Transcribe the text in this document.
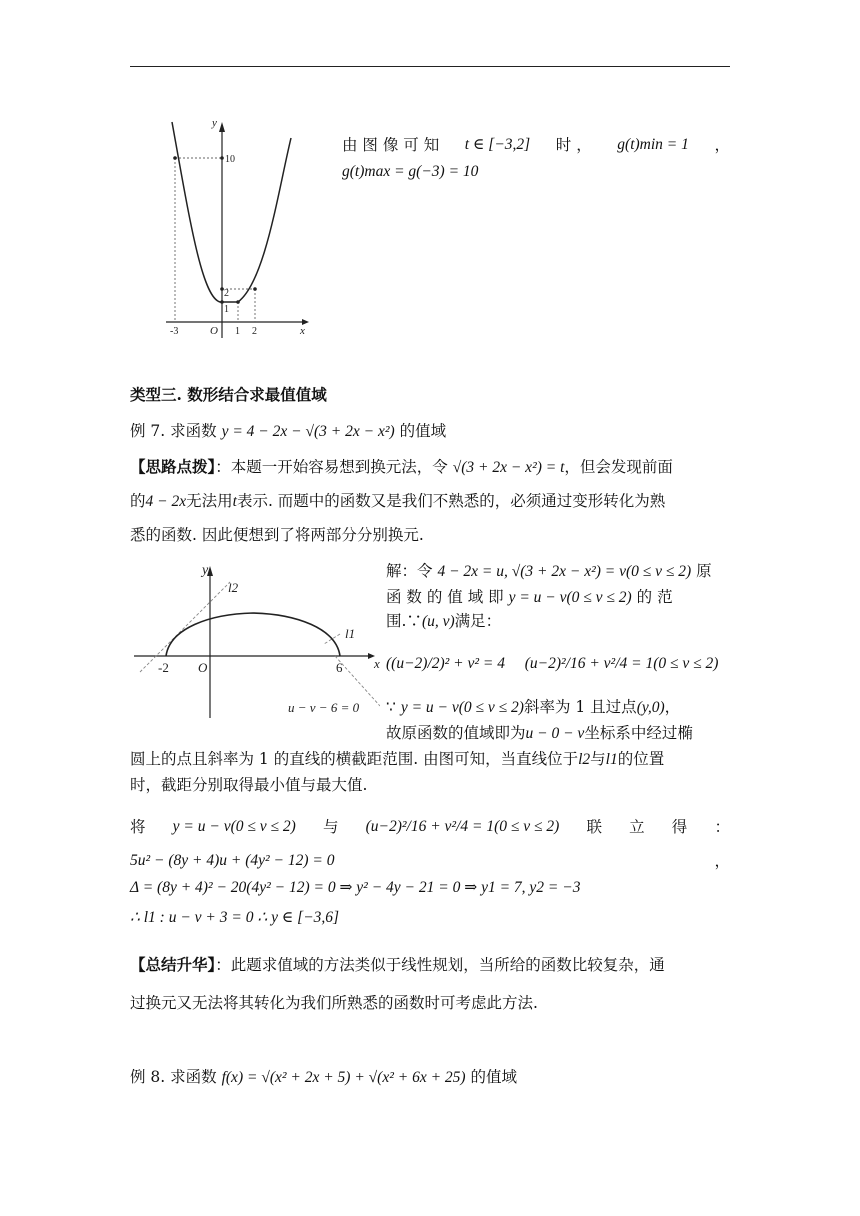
y
x
O
10
2
1
-3	1 2
由 图 像 可 知 t ∈ [−3,2] 时 ， g(t)min = 1 ，
g(t)max = g(−3) = 10
类型三. 数形结合求最值值域
例 7. 求函数 y = 4 − 2x − √(3 + 2x − x²) 的值域
【思路点拨】：本题一开始容易想到换元法，令 √(3 + 2x − x²) = t，但会发现前面
的4 − 2x无法用t表示. 而题中的函数又是我们不熟悉的，必须通过变形转化为熟
悉的函数. 因此便想到了将两部分分别换元.
y
x
l2
l1
O
-2	6
u − v − 6 = 0
解：令 4 − 2x = u, √(3 + 2x − x²) = v(0 ≤ v ≤ 2) 原
函 数 的 值 域 即 y = u − v(0 ≤ v ≤ 2) 的 范
围.∵(u, v)满足：
((u−2)/2)² + v² = 4 (u−2)²/16 + v²/4 = 1(0 ≤ v ≤ 2)
∵ y = u − v(0 ≤ v ≤ 2)斜率为 1 且过点(y,0)，
故原函数的值域即为u − 0 − v坐标系中经过椭
圆上的点且斜率为 1 的直线的横截距范围. 由图可知，当直线位于l2与l1的位置
时，截距分别取得最小值与最大值.
将 y = u − v(0 ≤ v ≤ 2) 与 (u−2)²/16 + v²/4 = 1(0 ≤ v ≤ 2) 联 立 得 ：
5u² − (8y + 4)u + (4y² − 12) = 0	，
Δ = (8y + 4)² − 20(4y² − 12) = 0 ⇒ y² − 4y − 21 = 0 ⇒ y1 = 7, y2 = −3
∴ l1 : u − v + 3 = 0 ∴ y ∈ [−3,6]
【总结升华】：此题求值域的方法类似于线性规划，当所给的函数比较复杂，通
过换元又无法将其转化为我们所熟悉的函数时可考虑此方法.
例 8. 求函数 f(x) = √(x² + 2x + 5) + √(x² + 6x + 25) 的值域
